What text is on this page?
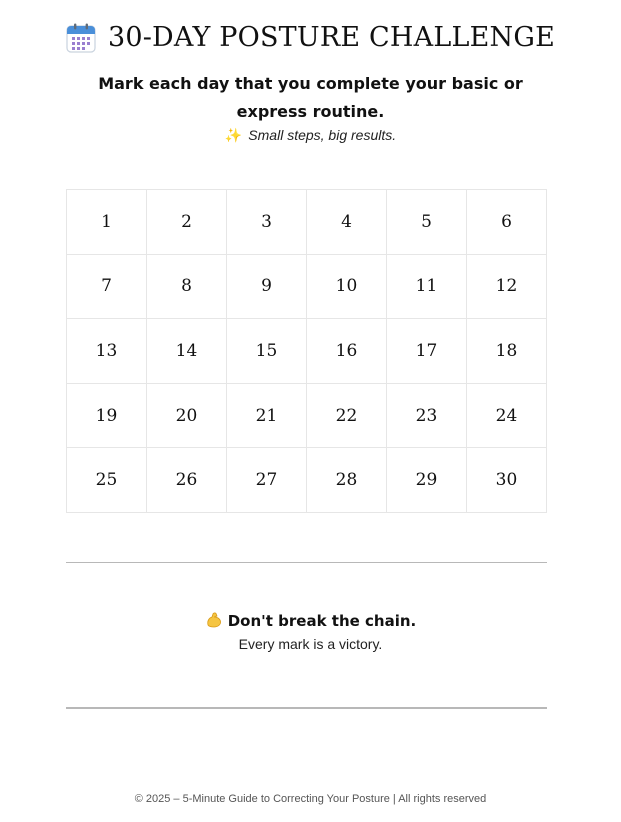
30-DAY POSTURE CHALLENGE
Mark each day that you complete your basic or express routine.
✨ Small steps, big results.
1	2	3	4	5	6
7	8	9	10	11	12
13	14	15	16	17	18
19	20	21	22	23	24
25	26	27	28	29	30
Don't break the chain.
Every mark is a victory.
© 2025 – 5-Minute Guide to Correcting Your Posture | All rights reserved
